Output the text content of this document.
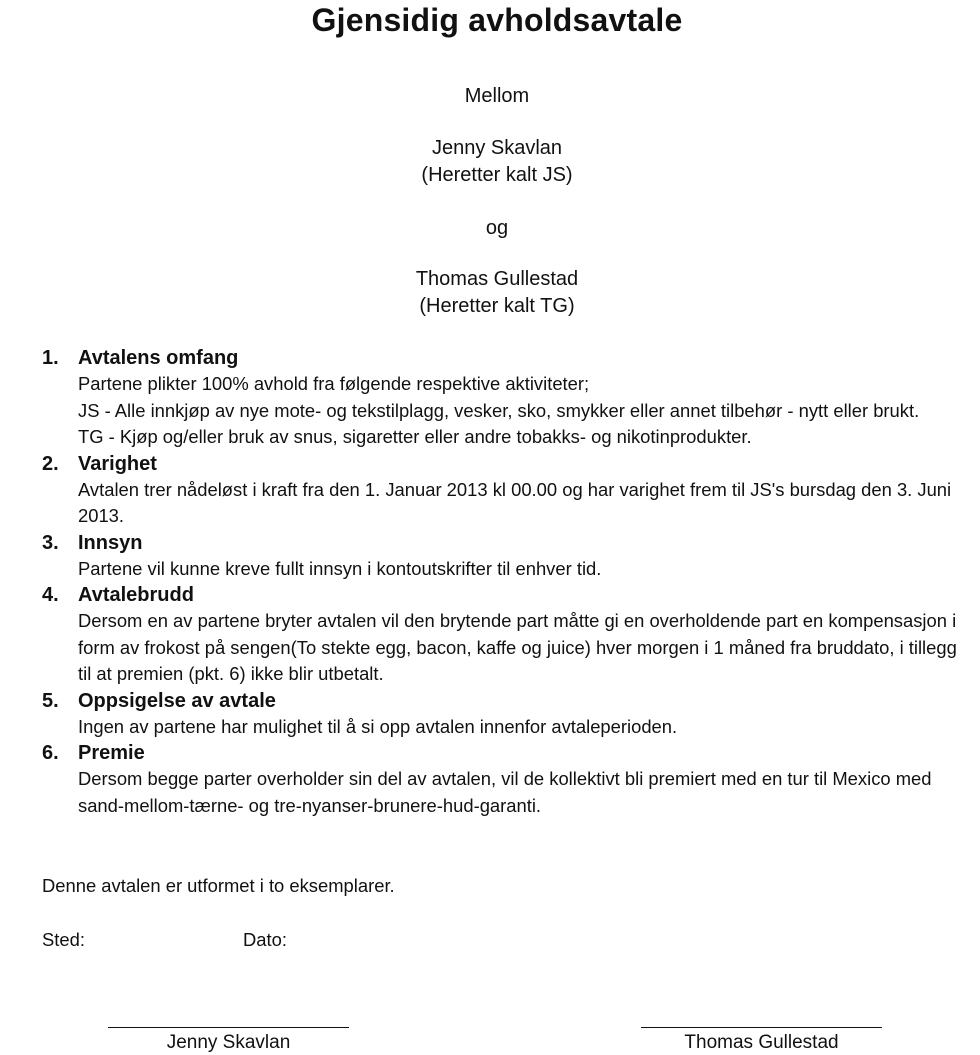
Gjensidig avholdsavtale
Mellom
Jenny Skavlan
(Heretter kalt JS)
og
Thomas Gullestad
(Heretter kalt TG)
1. Avtalens omfang

Partene plikter 100% avhold fra følgende respektive aktiviteter;

JS - Alle innkjøp av nye mote- og tekstilplagg, vesker, sko, smykker eller annet tilbehør - nytt eller brukt.

TG - Kjøp og/eller bruk av snus, sigaretter eller andre tobakks- og nikotinprodukter.

2. Varighet

Avtalen trer nådeløst i kraft fra den 1. Januar 2013 kl 00.00 og har varighet frem til JS's bursdag den 3. Juni 2013.

3. Innsyn

Partene vil kunne kreve fullt innsyn i kontoutskrifter til enhver tid.

4. Avtalebrudd

Dersom en av partene bryter avtalen vil den brytende part måtte gi en overholdende part en kompensasjon i form av frokost på sengen(To stekte egg, bacon, kaffe og juice) hver morgen i 1 måned fra bruddato, i tillegg til at premien (pkt. 6) ikke blir utbetalt.

5. Oppsigelse av avtale

Ingen av partene har mulighet til å si opp avtalen innenfor avtaleperioden.

6. Premie

Dersom begge parter overholder sin del av avtalen, vil de kollektivt bli premiert med en tur til Mexico med sand-mellom-tærne- og tre-nyanser-brunere-hud-garanti.

Denne avtalen er utformet i to eksemplarer.
Sted:	Dato:
Jenny Skavlan	Thomas Gullestad
